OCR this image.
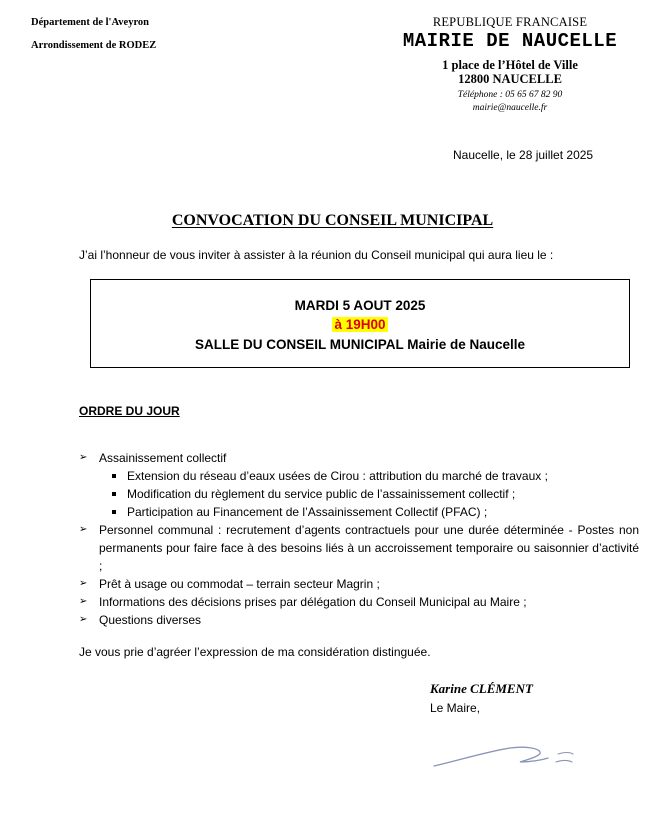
Département de l'Aveyron
Arrondissement de RODEZ
REPUBLIQUE FRANCAISE
MAIRIE DE NAUCELLE
1 place de l’Hôtel de Ville
12800 NAUCELLE
Téléphone : 05 65 67 82 90
mairie@naucelle.fr
Naucelle, le 28 juillet 2025
CONVOCATION DU CONSEIL MUNICIPAL
J’ai l’honneur de vous inviter à assister à la réunion du Conseil municipal qui aura lieu le :
MARDI 5 AOUT 2025
à 19H00
SALLE DU CONSEIL MUNICIPAL Mairie de Naucelle
ORDRE DU JOUR
➢ Assainissement collectif
Extension du réseau d’eaux usées de Cirou : attribution du marché de travaux ;
Modification du règlement du service public de l’assainissement collectif ;
Participation au Financement de l’Assainissement Collectif (PFAC) ;
➢ Personnel communal : recrutement d’agents contractuels pour une durée déterminée - Postes non permanents pour faire face à des besoins liés à un accroissement temporaire ou saisonnier d’activité ;
➢ Prêt à usage ou commodat – terrain secteur Magrin ;
➢ Informations des décisions prises par délégation du Conseil Municipal au Maire ;
➢ Questions diverses
Je vous prie d’agréer l’expression de ma considération distinguée.
Karine CLÉMENT
Le Maire,
